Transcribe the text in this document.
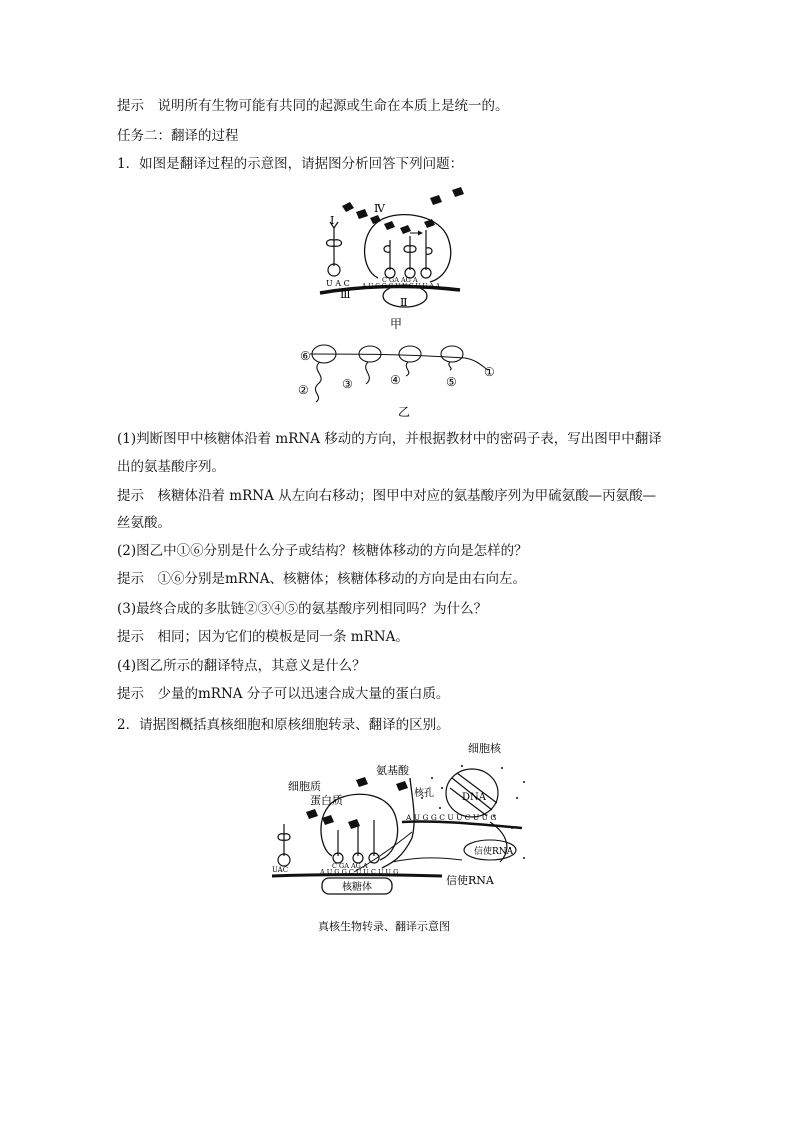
提示　说明所有生物可能有共同的起源或生命在本质上是统一的。
任务二：翻译的过程
1．如图是翻译过程的示意图，请据图分析回答下列问题：
Ⅰ
Ⅳ
Ⅱ
Ⅲ
U A C	C GA AG A
A U G G C U U C U U A A
甲
⑥
②	③	④	⑤
①
乙
(1)判断图甲中核糖体沿着 mRNA 移动的方向，并根据教材中的密码子表，写出图甲中翻译
出的氨基酸序列。
提示　核糖体沿着 mRNA 从左向右移动；图甲中对应的氨基酸序列为甲硫氨酸—丙氨酸—
丝氨酸。
(2)图乙中①⑥分别是什么分子或结构？核糖体移动的方向是怎样的？
提示　①⑥分别是mRNA、核糖体；核糖体移动的方向是由右向左。
(3)最终合成的多肽链②③④⑤的氨基酸序列相同吗？为什么？
提示　相同；因为它们的模板是同一条 mRNA。
(4)图乙所示的翻译特点，其意义是什么？
提示　少量的mRNA 分子可以迅速合成大量的蛋白质。
2．请据图概括真核细胞和原核细胞转录、翻译的区别。
细胞核
细胞质
蛋白质
氨基酸
核孔	DNA
A U G G C U U C U U G
信使RNA
UAC	C GA AG A
A U G G C U U C U U G
信使RNA
核糖体
真核生物转录、翻译示意图
